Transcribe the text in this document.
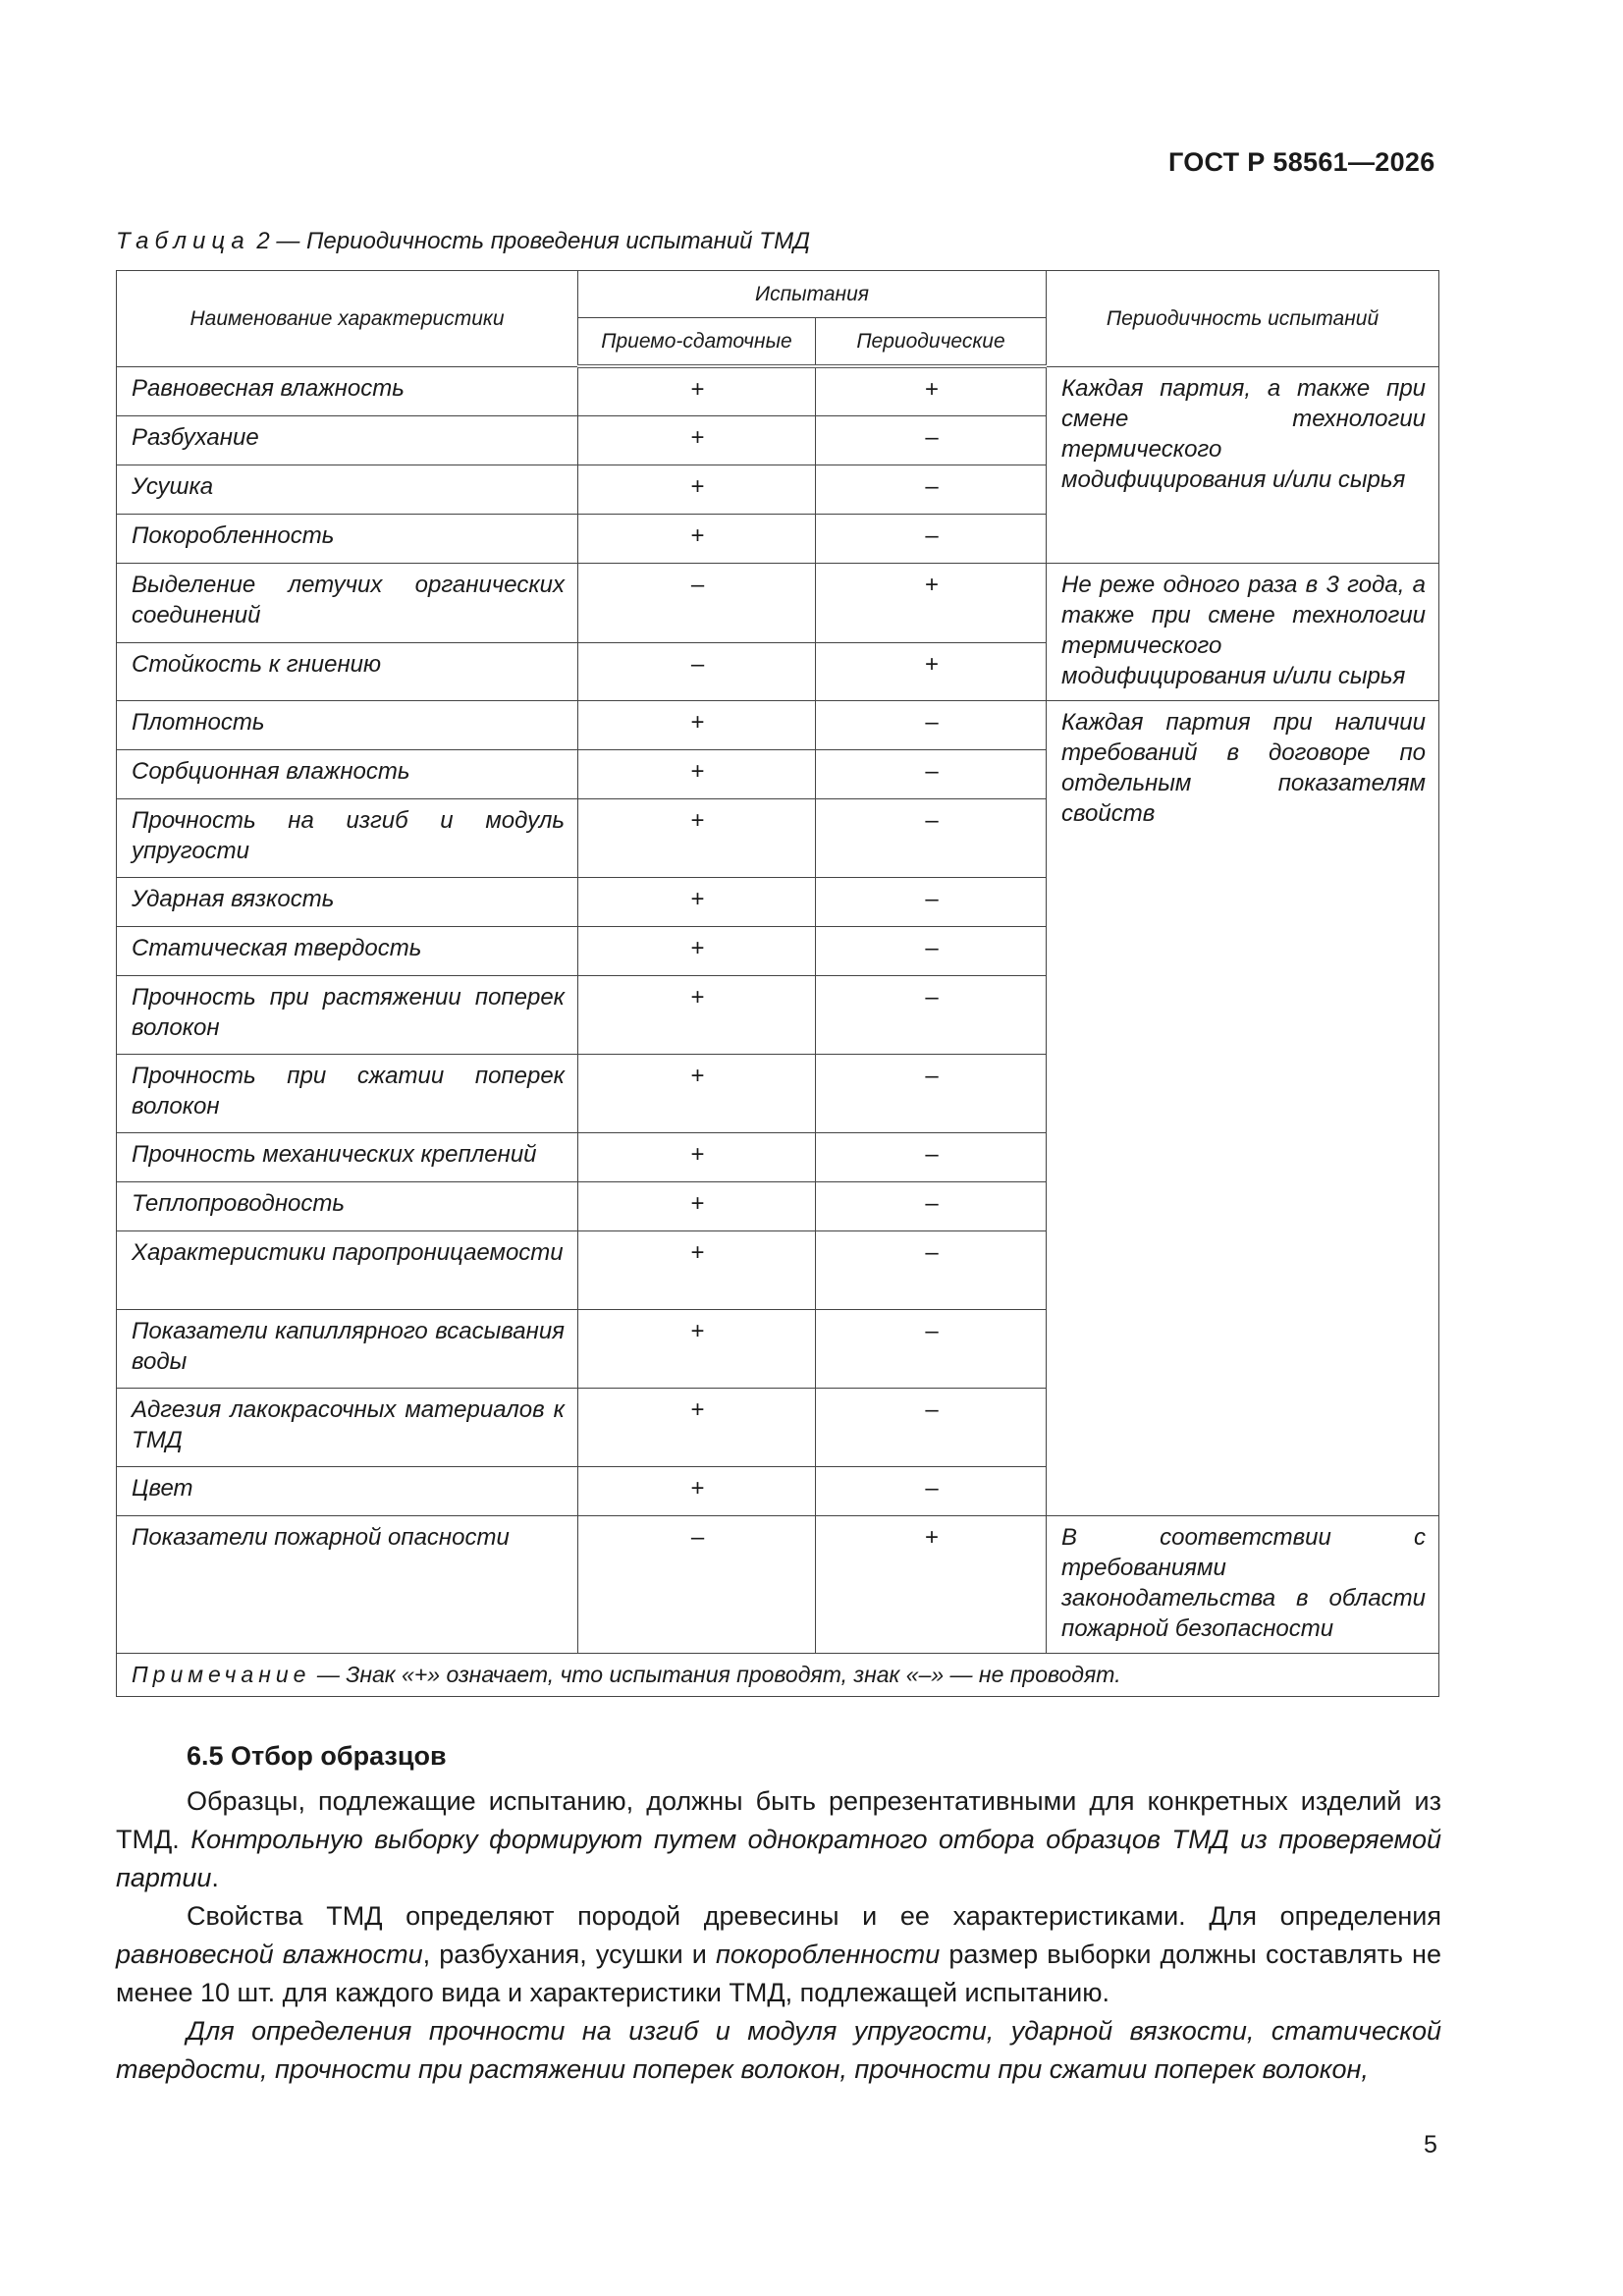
ГОСТ Р 58561—2026
Таблица 2 — Периодичность проведения испытаний ТМД
Наименование характеристики	Испытания		Периодичность испытаний
	Приемо-сдаточные	Периодические	
Равновесная влажность	+	+	Каждая партия, а также при смене технологии термического модифицирования и/или сырья
Разбухание	+	–	
Усушка	+	–	
Покоробленность	+	–	
Выделение летучих органических соединений	–	+	Не реже одного раза в 3 года, а также при смене технологии термического модифицирования и/или сырья
Стойкость к гниению	–	+	
Плотность	+	–	Каждая партия при наличии требований в договоре по отдельным показателям свойств
Сорбционная влажность	+	–	
Прочность на изгиб и модуль упругости	+	–	
Ударная вязкость	+	–	
Статическая твердость	+	–	
Прочность при растяжении поперек волокон	+	–	
Прочность при сжатии поперек волокон	+	–	
Прочность механических креплений	+	–	
Теплопроводность	+	–	
Характеристики паропроницаемости	+	–	
Показатели капиллярного всасывания воды	+	–	
Адгезия лакокрасочных материалов к ТМД	+	–	
Цвет	+	–	
Показатели пожарной опасности	–	+	В соответствии с требованиями законодательства в области пожарной безопасности
Примечание — Знак «+» означает, что испытания проводят, знак «–» — не проводят.			
6.5 Отбор образцов

Образцы, подлежащие испытанию, должны быть репрезентативными для конкретных изделий из ТМД. Контрольную выборку формируют путем однократного отбора образцов ТМД из проверяемой партии.

Свойства ТМД определяют породой древесины и ее характеристиками. Для определения равновесной влажности, разбухания, усушки и покоробленности размер выборки должны составлять не менее 10 шт. для каждого вида и характеристики ТМД, подлежащей испытанию.

Для определения прочности на изгиб и модуля упругости, ударной вязкости, статической твердости, прочности при растяжении поперек волокон, прочности при сжатии поперек волокон,

5
